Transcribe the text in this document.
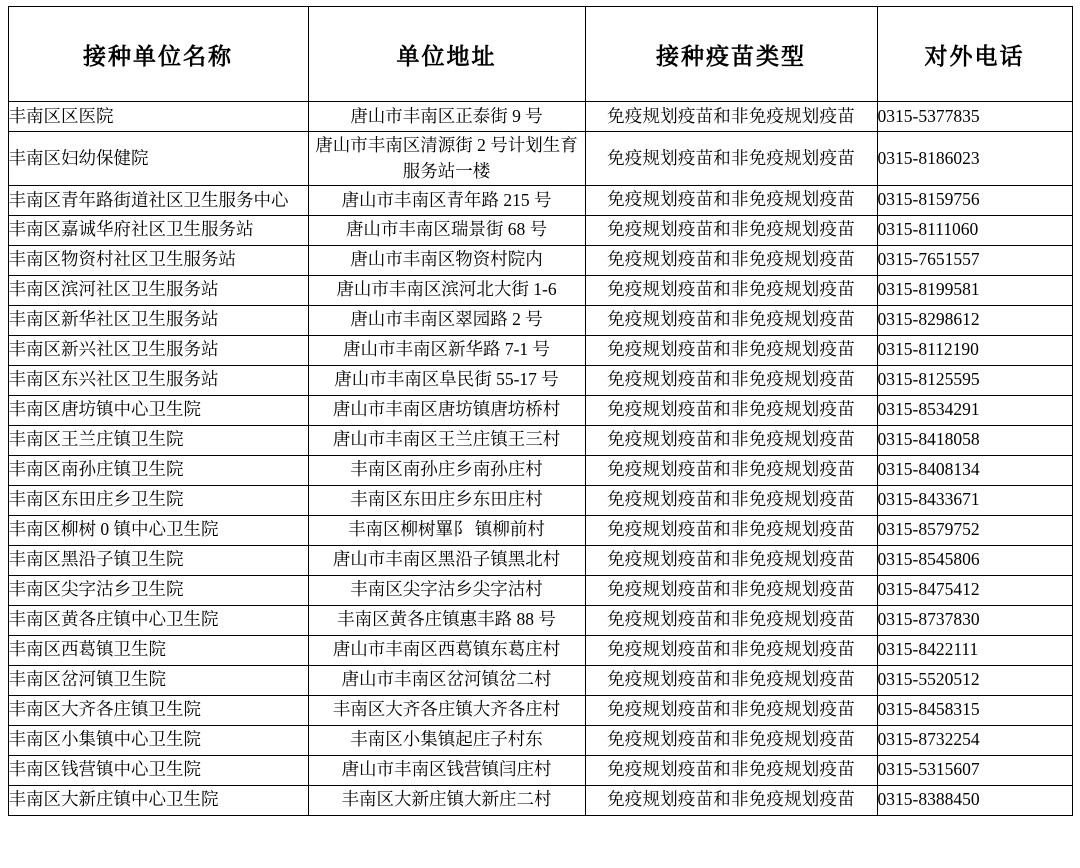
接种单位名称	单位地址	接种疫苗类型	对外电话
丰南区区医院	唐山市丰南区正泰街 9 号	免疫规划疫苗和非免疫规划疫苗	0315-5377835
丰南区妇幼保健院	唐山市丰南区清源街 2 号计划生育服务站一楼	免疫规划疫苗和非免疫规划疫苗	0315-8186023
丰南区青年路街道社区卫生服务中心	唐山市丰南区青年路 215 号	免疫规划疫苗和非免疫规划疫苗	0315-8159756
丰南区嘉诚华府社区卫生服务站	唐山市丰南区瑞景街 68 号	免疫规划疫苗和非免疫规划疫苗	0315-8111060
丰南区物资村社区卫生服务站	唐山市丰南区物资村院内	免疫规划疫苗和非免疫规划疫苗	0315-7651557
丰南区滨河社区卫生服务站	唐山市丰南区滨河北大街 1-6	免疫规划疫苗和非免疫规划疫苗	0315-8199581
丰南区新华社区卫生服务站	唐山市丰南区翠园路 2 号	免疫规划疫苗和非免疫规划疫苗	0315-8298612
丰南区新兴社区卫生服务站	唐山市丰南区新华路 7-1 号	免疫规划疫苗和非免疫规划疫苗	0315-8112190
丰南区东兴社区卫生服务站	唐山市丰南区阜民街 55-17 号	免疫规划疫苗和非免疫规划疫苗	0315-8125595
丰南区唐坊镇中心卫生院	唐山市丰南区唐坊镇唐坊桥村	免疫规划疫苗和非免疫规划疫苗	0315-8534291
丰南区王兰庄镇卫生院	唐山市丰南区王兰庄镇王三村	免疫规划疫苗和非免疫规划疫苗	0315-8418058
丰南区南孙庄镇卫生院	丰南区南孙庄乡南孙庄村	免疫规划疫苗和非免疫规划疫苗	0315-8408134
丰南区东田庄乡卫生院	丰南区东田庄乡东田庄村	免疫规划疫苗和非免疫规划疫苗	0315-8433671
丰南区柳树 0 镇中心卫生院	丰南区柳树罼阝 镇柳前村	免疫规划疫苗和非免疫规划疫苗	0315-8579752
丰南区黑沿子镇卫生院	唐山市丰南区黑沿子镇黑北村	免疫规划疫苗和非免疫规划疫苗	0315-8545806
丰南区尖字沽乡卫生院	丰南区尖字沽乡尖字沽村	免疫规划疫苗和非免疫规划疫苗	0315-8475412
丰南区黄各庄镇中心卫生院	丰南区黄各庄镇惠丰路 88 号	免疫规划疫苗和非免疫规划疫苗	0315-8737830
丰南区西葛镇卫生院	唐山市丰南区西葛镇东葛庄村	免疫规划疫苗和非免疫规划疫苗	0315-8422111
丰南区岔河镇卫生院	唐山市丰南区岔河镇岔二村	免疫规划疫苗和非免疫规划疫苗	0315-5520512
丰南区大齐各庄镇卫生院	丰南区大齐各庄镇大齐各庄村	免疫规划疫苗和非免疫规划疫苗	0315-8458315
丰南区小集镇中心卫生院	丰南区小集镇起庄子村东	免疫规划疫苗和非免疫规划疫苗	0315-8732254
丰南区钱营镇中心卫生院	唐山市丰南区钱营镇闫庄村	免疫规划疫苗和非免疫规划疫苗	0315-5315607
丰南区大新庄镇中心卫生院	丰南区大新庄镇大新庄二村	免疫规划疫苗和非免疫规划疫苗	0315-8388450
